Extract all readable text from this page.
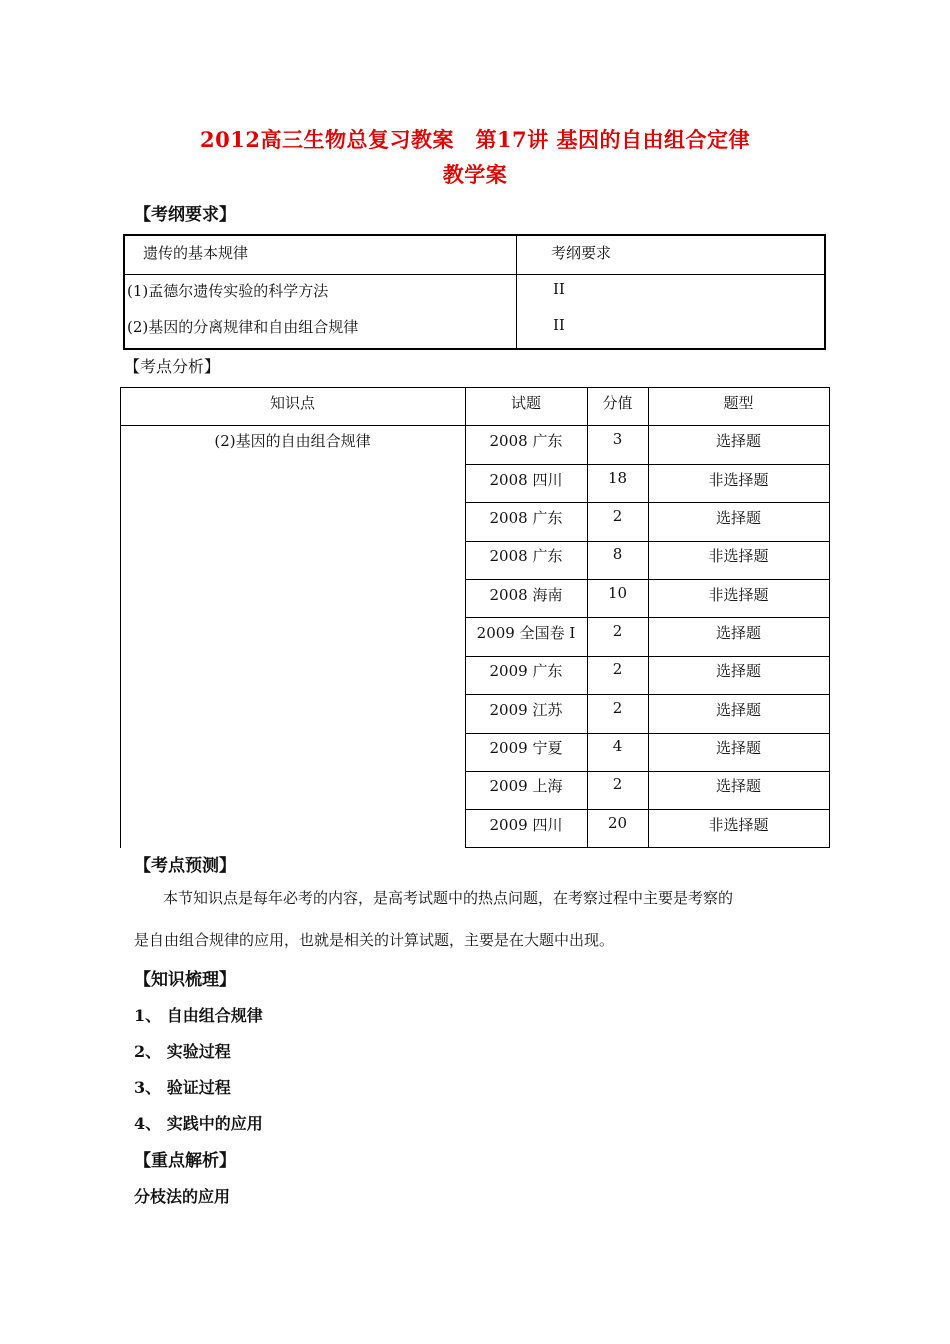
2012高三生物总复习教案　第17讲 基因的自由组合定律
教学案
【考纲要求】
遗传的基本规律	考纲要求
(1)孟德尔遗传实验的科学方法	II
(2)基因的分离规律和自由组合规律	II
【考点分析】
知识点	试题	分值	题型
(2)基因的自由组合规律	2008 广东	3	选择题
2008 四川	18	非选择题
2008 广东	2	选择题
2008 广东	8	非选择题
2008 海南	10	非选择题
2009 全国卷 I	2	选择题
2009 广东	2	选择题
2009 江苏	2	选择题
2009 宁夏	4	选择题
2009 上海	2	选择题
2009 四川	20	非选择题
【考点预测】
本节知识点是每年必考的内容，是高考试题中的热点问题，在考察过程中主要是考察的
是自由组合规律的应用，也就是相关的计算试题，主要是在大题中出现。
【知识梳理】
1、 自由组合规律
2、 实验过程
3、 验证过程
4、 实践中的应用
【重点解析】
分枝法的应用
